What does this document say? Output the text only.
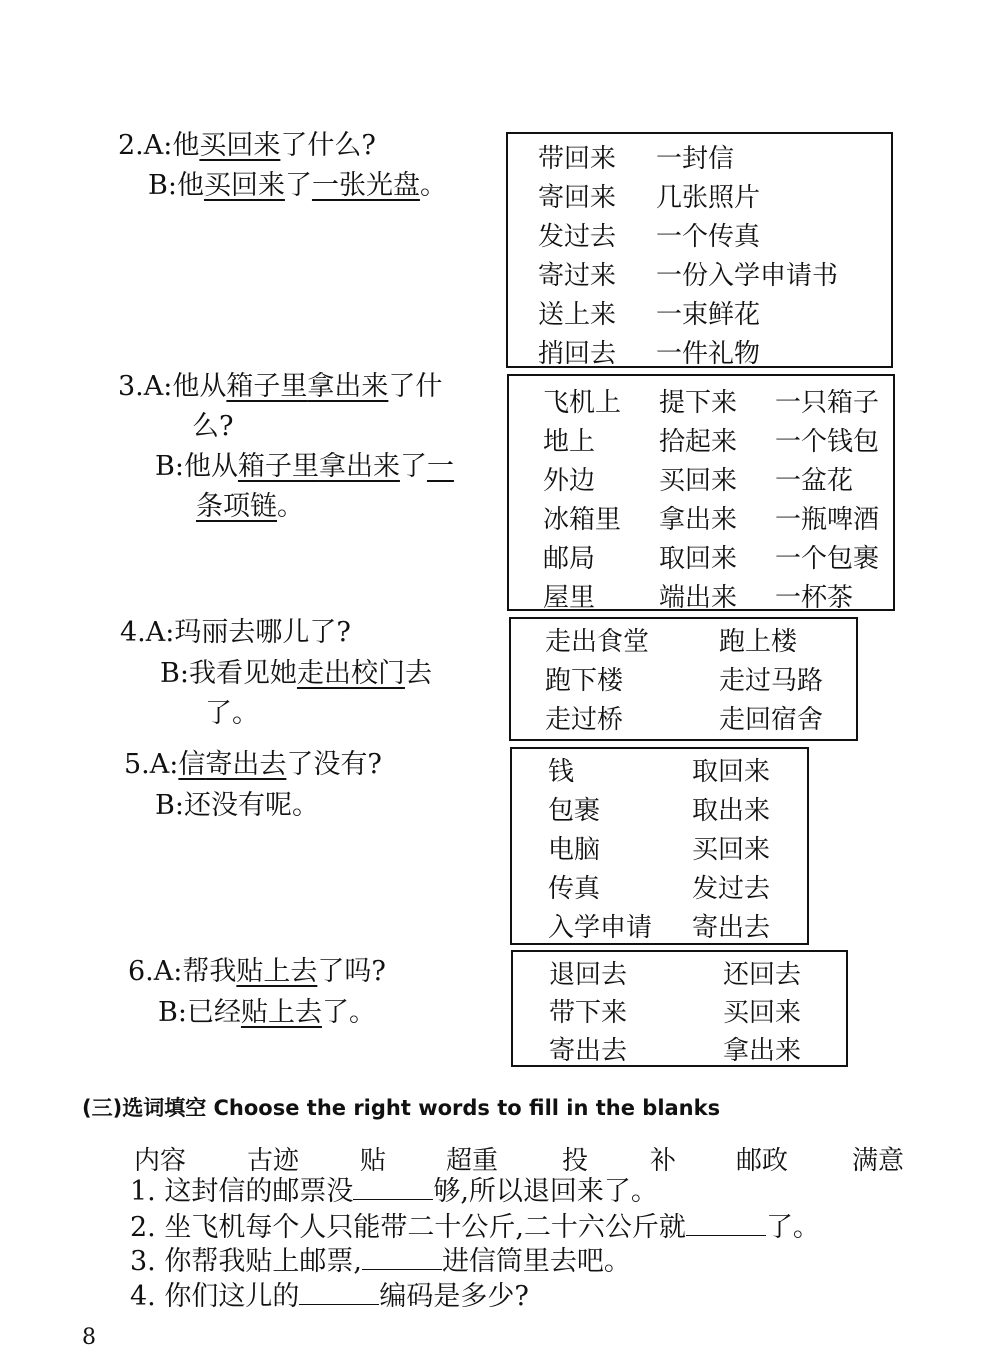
2.A:他买回来了什么?
B:他买回来了一张光盘。
带回来 一封信
寄回来 几张照片
发过去 一个传真
寄过来 一份入学申请书
送上来 一束鲜花
捎回去 一件礼物
3.A:他从箱子里拿出来了什
么?
B:他从箱子里拿出来了一
条项链。
飞机上 提下来 一只箱子
地上 拾起来 一个钱包
外边 买回来 一盆花
冰箱里 拿出来 一瓶啤酒
邮局 取回来 一个包裹
屋里 端出来 一杯茶
4.A:玛丽去哪儿了?
B:我看见她走出校门去
了。
走出食堂	跑上楼
跑下楼	走过马路
走过桥	走回宿舍
5.A:信寄出去了没有?
B:还没有呢。
钱	取回来
包裹	取出来
电脑	买回来
传真	发过去
入学申请 寄出去
6.A:帮我贴上去了吗?
B:已经贴上去了。
退回去	还回去
带下来	买回来
寄出去	拿出来
(三)选词填空 Choose the right words to fill in the blanks
内容 古迹 贴 超重 投 补 邮政 满意
1. 这封信的邮票没	够,所以退回来了。
2. 坐飞机每个人只能带二十公斤,二十六公斤就	了。
3. 你帮我贴上邮票,	进信筒里去吧。
4. 你们这儿的	编码是多少?
8
